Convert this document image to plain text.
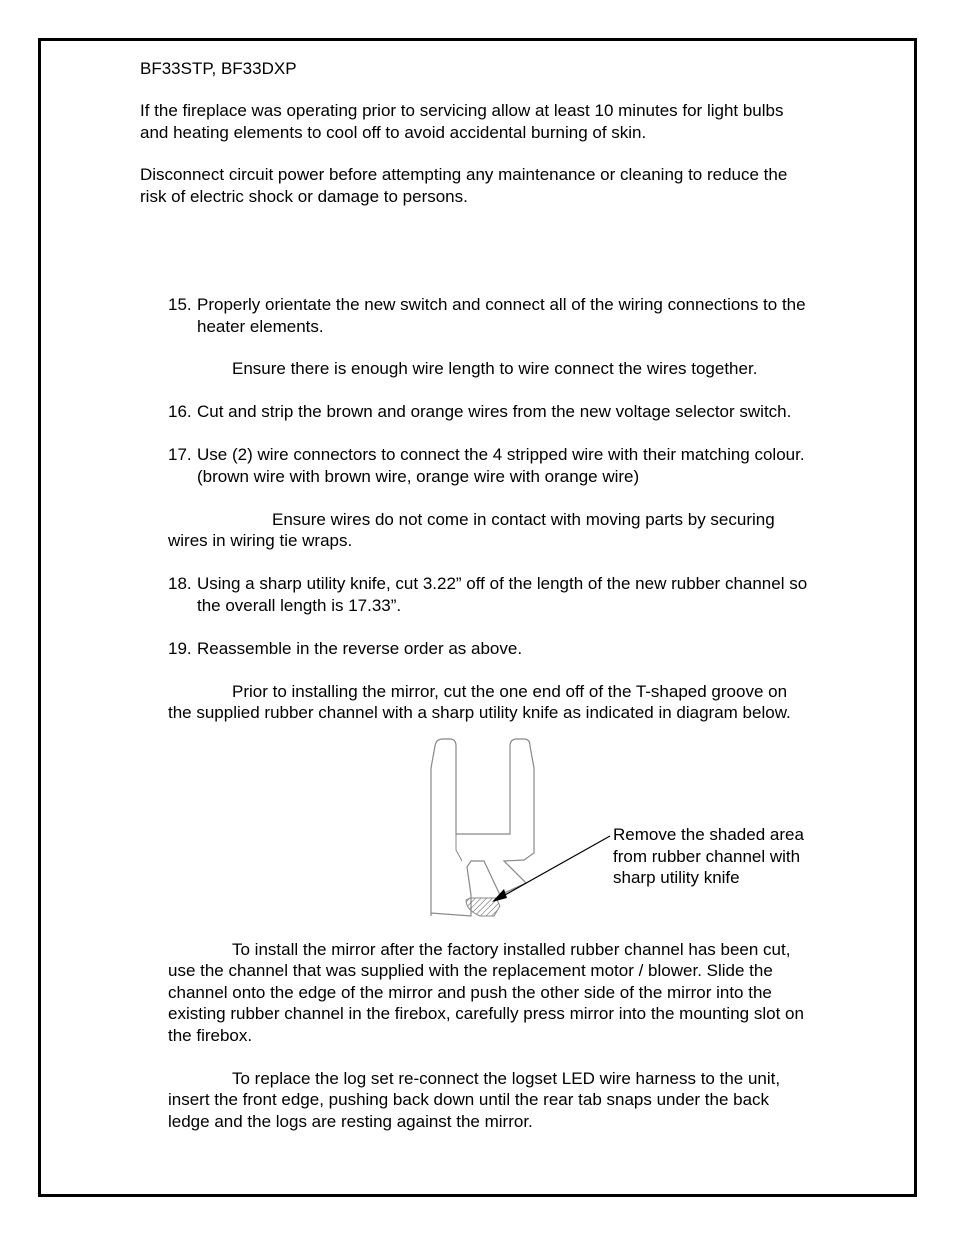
BF33STP, BF33DXP

If the fireplace was operating prior to servicing allow at least 10 minutes for light bulbs
and heating elements to cool off to avoid accidental burning of skin.

Disconnect circuit power before attempting any maintenance or cleaning to reduce the
risk of electric shock or damage to persons.

15. Properly orientate the new switch and connect all of the wiring connections to the
heater elements.

Ensure there is enough wire length to wire connect the wires together.

16. Cut and strip the brown and orange wires from the new voltage selector switch.

17. Use (2) wire connectors to connect the 4 stripped wire with their matching colour.
(brown wire with brown wire, orange wire with orange wire)

Ensure wires do not come in contact with moving parts by securing

wires in wiring tie wraps.

18. Using a sharp utility knife, cut 3.22” off of the length of the new rubber channel so
the overall length is 17.33”.

19. Reassemble in the reverse order as above.

Prior to installing the mirror, cut the one end off of the T-shaped groove on

the supplied rubber channel with a sharp utility knife as indicated in diagram below.

Remove the shaded area
from rubber channel with
sharp utility knife

To install the mirror after the factory installed rubber channel has been cut,

use the channel that was supplied with the replacement motor / blower. Slide the
channel onto the edge of the mirror and push the other side of the mirror into the
existing rubber channel in the firebox, carefully press mirror into the mounting slot on
the firebox.

To replace the log set re-connect the logset LED wire harness to the unit,

insert the front edge, pushing back down until the rear tab snaps under the back
ledge and the logs are resting against the mirror.
